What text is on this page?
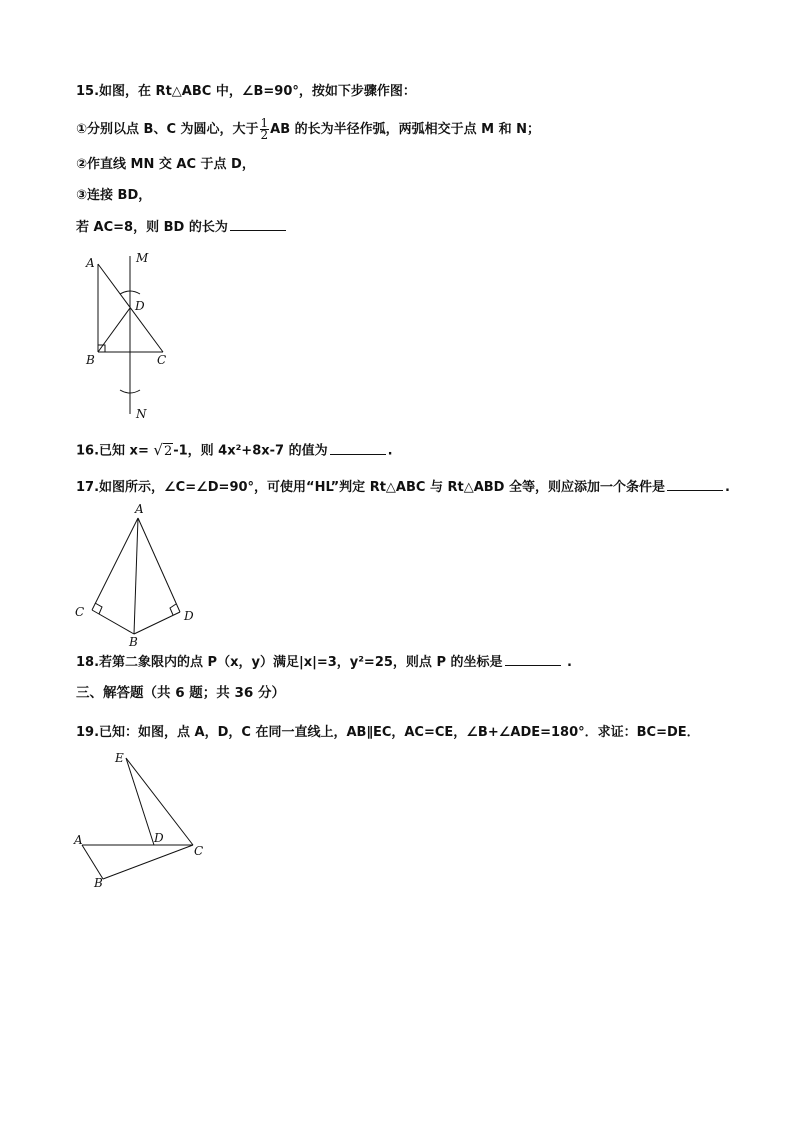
15.如图，在 Rt△ABC 中，∠B=90°，按如下步骤作图：
①分别以点 B、C 为圆心，大于 $\frac{1}{2}$ AB 的长为半径作弧，两弧相交于点 M 和 N；
②作直线 MN 交 AC 于点 D，
③连接 BD，
若 AC=8，则 BD 的长为
A	M
D
B	C
N
16.已知 x= √2-1，则 4x²+8x-7 的值为	.
17.如图所示，∠C=∠D=90°，可使用“HL”判定 Rt△ABC 与 Rt△ABD 全等，则应添加一个条件是	.
A
C	D
B
18.若第二象限内的点 P（x，y）满足|x|=3，y²=25，则点 P 的坐标是	.
三、解答题（共 6 题；共 36 分）
19.已知：如图，点 A，D，C 在同一直线上，AB∥EC，AC=CE，∠B+∠ADE=180°．求证：BC=DE．
E
A	D
C
B
